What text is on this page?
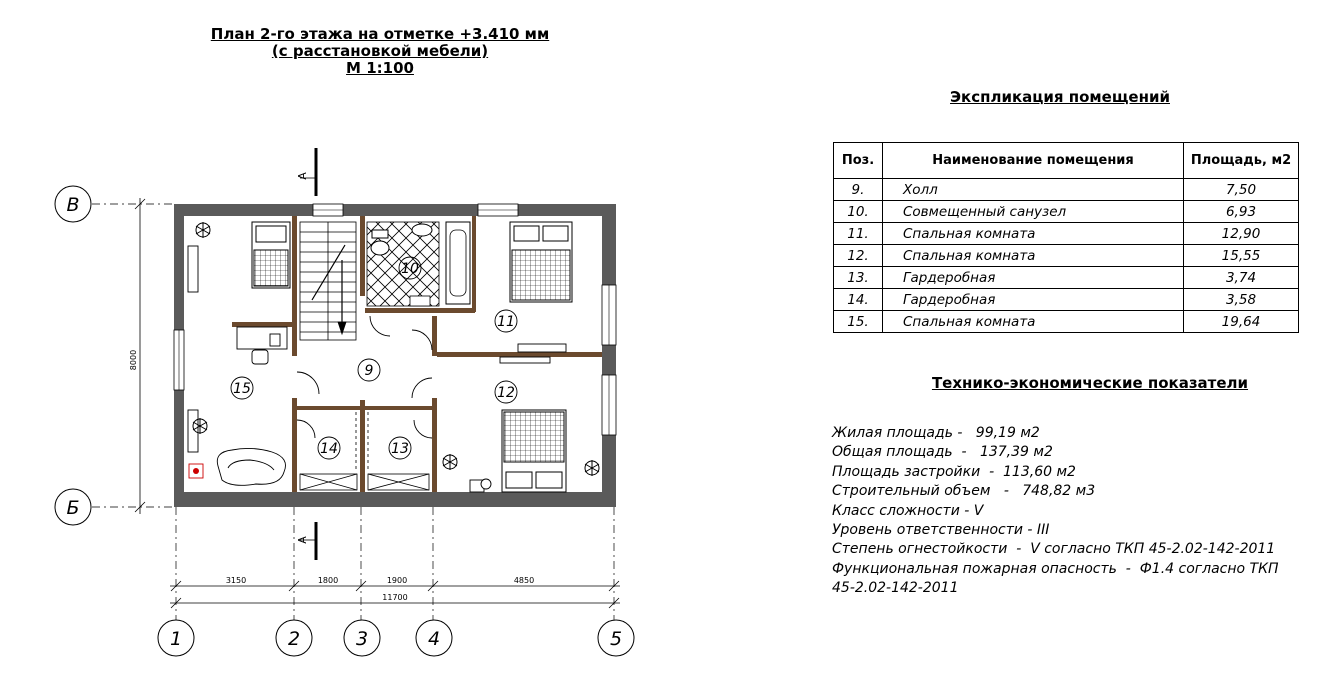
План 2-го этажа на отметке +3.410 мм
(с расстановкой мебели)
М 1:100
9
10
11
12
13
14
15
В
Б
1	2	3	4	5
8000
3150	1800	1900	4850
11700
А
А
Экспликация помещений
Поз.	Наименование помещения	Площадь, м2
9.	Холл	7,50
10.	Совмещенный санузел	6,93
11.	Спальная комната	12,90
12.	Спальная комната	15,55
13.	Гардеробная	3,74
14.	Гардеробная	3,58
15.	Спальная комната	19,64
Технико-экономические показатели
Жилая площадь -   99,19 м2
Общая площадь  -   137,39 м2
Площадь застройки  -  113,60 м2
Строительный объем   -   748,82 м3
Класс сложности - V
Уровень ответственности - III
Степень огнестойкости  -  V согласно ТКП 45-2.02-142-2011
Функциональная пожарная опасность  -  Ф1.4 согласно ТКП
45-2.02-142-2011
